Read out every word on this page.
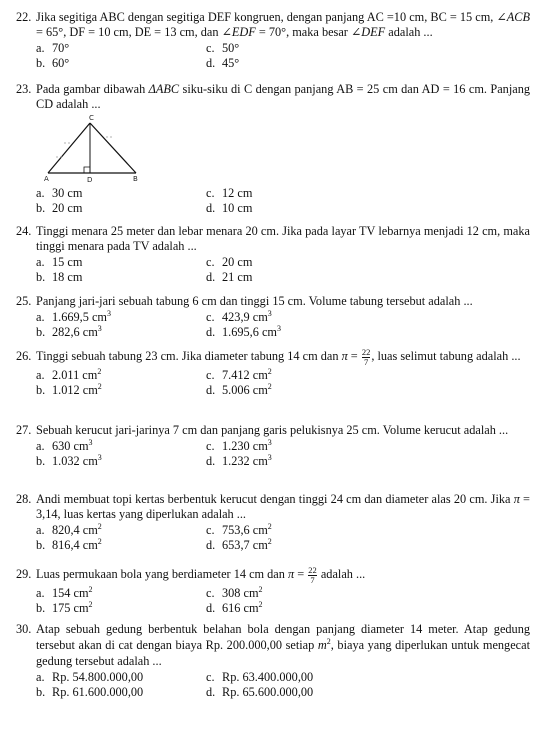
22. Jika segitiga ABC dengan segitiga DEF kongruen, dengan panjang AC =10 cm, BC = 15 cm, ∠ACB = 65°, DF = 10 cm, DE = 13 cm, dan ∠EDF = 70°, maka besar ∠DEF adalah ...
a. 70°
b. 60°
c. 50°
d. 45°
23. Pada gambar dibawah ΔABC siku-siku di C dengan panjang AB = 25 cm dan AD = 16 cm. Panjang CD adalah ...
C
A	D	B
a. 30 cm
b. 20 cm
c. 12 cm
d. 10 cm
24. Tinggi menara 25 meter dan lebar menara 20 cm. Jika pada layar TV lebarnya menjadi 12 cm, maka tinggi menara pada TV adalah ...
a. 15 cm
b. 18 cm
c. 20 cm
d. 21 cm
25. Panjang jari-jari sebuah tabung 6 cm dan tinggi 15 cm. Volume tabung tersebut adalah ...
a. 1.669,5 $cm^3$
b. 282,6 $cm^3$
c. 423,9 $cm^3$
d. 1.695,6 $cm^3$
26. Tinggi sebuah tabung 23 cm. Jika diameter tabung 14 cm dan $\pi = \frac{22}{7}$ , luas selimut tabung adalah ...
a. 2.011 $cm^2$
b. 1.012 $cm^2$
c. 7.412 $cm^2$
d. 5.006 $cm^2$
27. Sebuah kerucut jari-jarinya 7 cm dan panjang garis pelukisnya 25 cm. Volume kerucut adalah ...
a. 630 $cm^3$
b. 1.032 $cm^3$
c. 1.230 $cm^3$
d. 1.232 $cm^3$
28. Andi membuat topi kertas berbentuk kerucut dengan tinggi 24 cm dan diameter alas 20 cm. Jika π = 3,14, luas kertas yang diperlukan adalah ...
a. 820,4 $cm^2$
b. 816,4 $cm^2$
c. 753,6 $cm^2$
d. 653,7 $cm^2$
29. Luas permukaan bola yang berdiameter 14 cm dan $\pi = \frac{22}{7}$ adalah ...
a. 154 $cm^2$
b. 175 $cm^2$
c. 308 $cm^2$
d. 616 $cm^2$
30. Atap sebuah gedung berbentuk belahan bola dengan panjang diameter 14 meter. Atap gedung tersebut akan di cat dengan biaya Rp. 200.000,00 setiap $m^2$, biaya yang diperlukan untuk mengecat gedung tersebut adalah ...
a. Rp. 54.800.000,00
b. Rp. 61.600.000,00
c. Rp. 63.400.000,00
d. Rp. 65.600.000,00
